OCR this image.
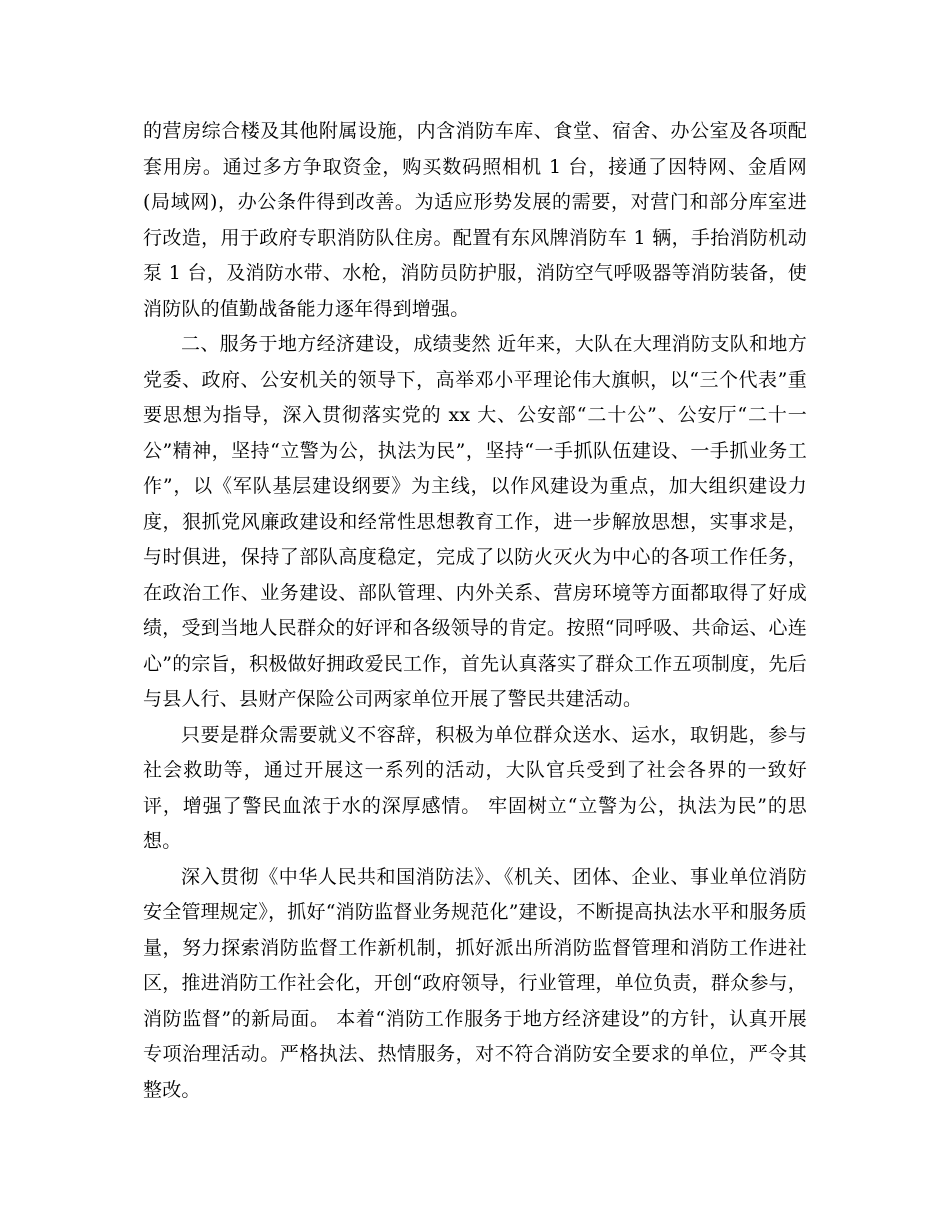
的营房综合楼及其他附属设施，内含消防车库、食堂、宿舍、办公室及各项配套用房。通过多方争取资金，购买数码照相机 1 台，接通了因特网、金盾网(局域网)，办公条件得到改善。为适应形势发展的需要，对营门和部分库室进行改造，用于政府专职消防队住房。配置有东风牌消防车 1 辆，手抬消防机动泵 1 台，及消防水带、水枪，消防员防护服，消防空气呼吸器等消防装备，使消防队的值勤战备能力逐年得到增强。

二、服务于地方经济建设，成绩斐然 近年来，大队在大理消防支队和地方党委、政府、公安机关的领导下，高举邓小平理论伟大旗帜，以“三个代表”重要思想为指导，深入贯彻落实党的 xx 大、公安部“二十公”、公安厅“二十一公”精神，坚持“立警为公，执法为民”，坚持“一手抓队伍建设、一手抓业务工作”，以《军队基层建设纲要》为主线，以作风建设为重点，加大组织建设力度，狠抓党风廉政建设和经常性思想教育工作，进一步解放思想，实事求是，与时俱进，保持了部队高度稳定，完成了以防火灭火为中心的各项工作任务，在政治工作、业务建设、部队管理、内外关系、营房环境等方面都取得了好成绩，受到当地人民群众的好评和各级领导的肯定。按照“同呼吸、共命运、心连心”的宗旨，积极做好拥政爱民工作，首先认真落实了群众工作五项制度，先后与县人行、县财产保险公司两家单位开展了警民共建活动。

只要是群众需要就义不容辞，积极为单位群众送水、运水，取钥匙，参与社会救助等，通过开展这一系列的活动，大队官兵受到了社会各界的一致好评，增强了警民血浓于水的深厚感情。 牢固树立“立警为公，执法为民”的思想。

深入贯彻《中华人民共和国消防法》、《机关、团体、企业、事业单位消防安全管理规定》，抓好“消防监督业务规范化”建设，不断提高执法水平和服务质量，努力探索消防监督工作新机制，抓好派出所消防监督管理和消防工作进社区，推进消防工作社会化，开创“政府领导，行业管理，单位负责，群众参与，消防监督”的新局面。 本着“消防工作服务于地方经济建设”的方针，认真开展专项治理活动。严格执法、热情服务，对不符合消防安全要求的单位，严令其整改。
